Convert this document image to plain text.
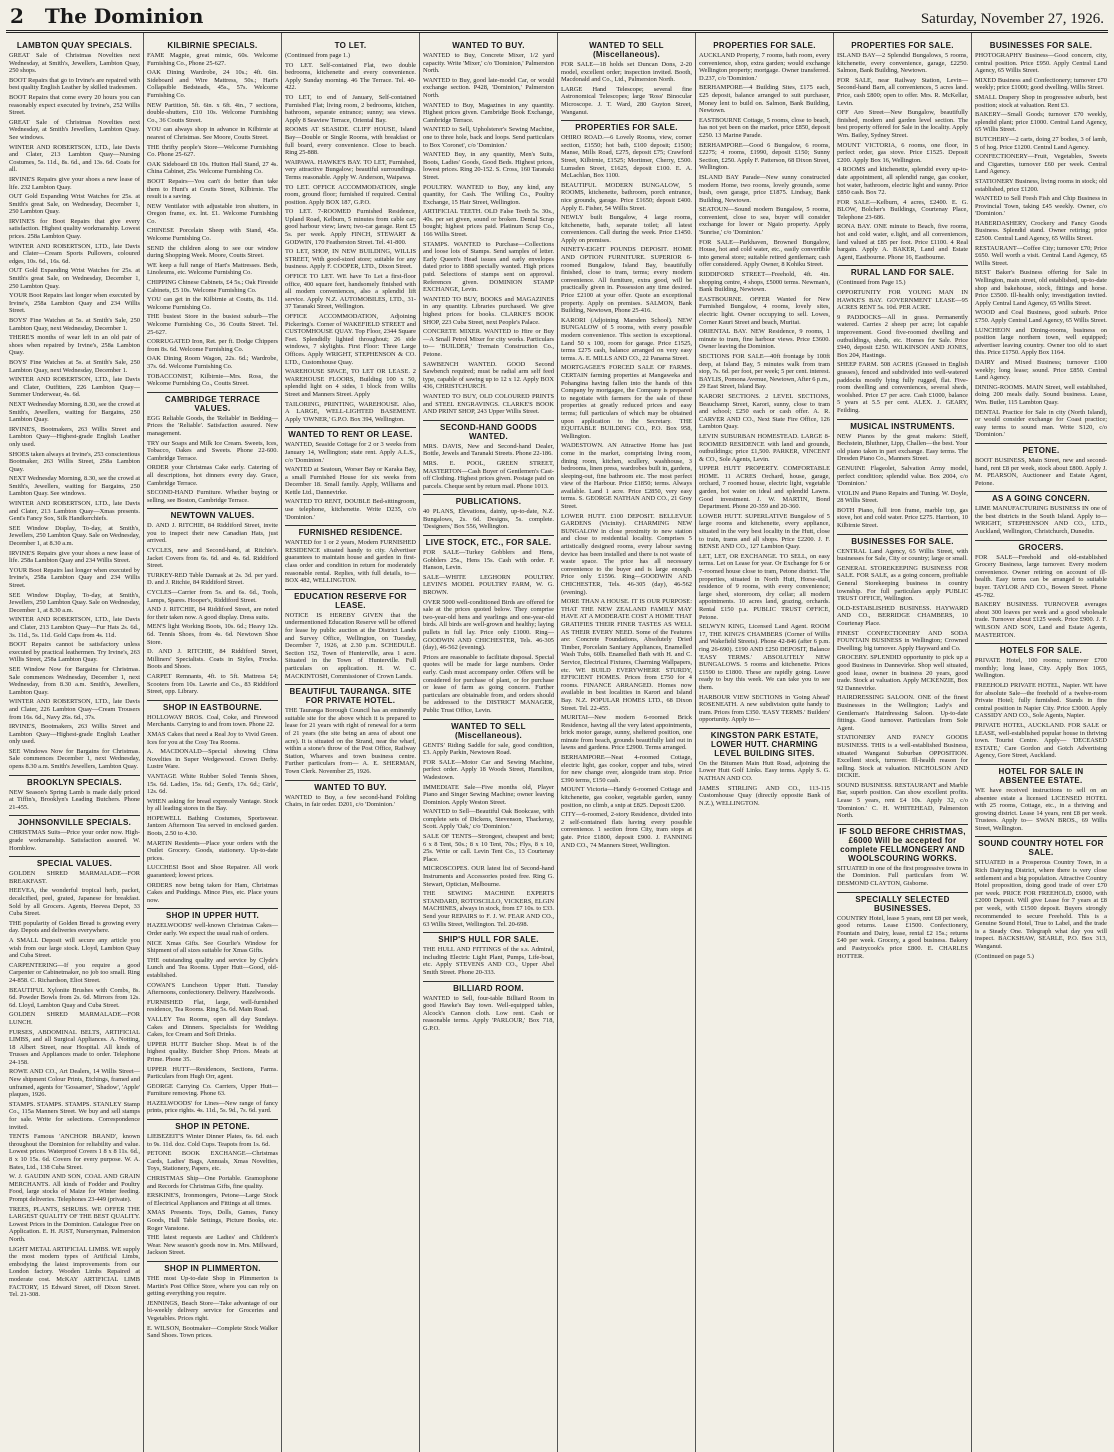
2 The Dominion	Saturday, November 27, 1926.
LAMBTON QUAY SPECIALS.

GREAT Sale of Christmas Novelties next Wednesday, at Smith's, Jewellers, Lambton Quay, 250 shops.

BOOT Repairs that go to Irvine's are repaired with best quality English Leather by skilled tradesmen.

BOOT Repairs that come every 20 hours you can reasonably expect executed by Irvine's, 252 Willis Street.

GREAT Sale of Christmas Novelties next Wednesday, at Smith's Jewellers, Lambton Quay. See windows.

WINTER AND ROBERTSON, LTD., late Davis and Clater, 213 Lambton Quay—Nursing Costumes, 5s. 11d., 8s. 6d., and 13s. 6d. Coats for all.

IRVINE'S Repairs give your shoes a new lease of life. 232 Lambton Quay.

OUT Gold Expanding Wrist Watches for 25s. at Smith's great Sale, on Wednesday, December 1, 250 Lambton Quay.

IRVINE'S for Boot Repairs that give every satisfaction. Highest quality workmanship. Lowest prices. 258a Lambton Quay.

WINTER AND ROBERTSON, LTD., late Davis and Clater—Cream Sports Pullovers, coloured edges, 10s. 6d., 16s. 6d.

OUT Gold Expanding Wrist Watches for 25s. at Smith's great Sale, on Wednesday, December 1, 250 Lambton Quay.

YOUR Boot Repairs last longer when executed by Irvine's, 258a Lambton Quay and 234 Willis Street.

BOYS' Fine Watches at 5s. at Smith's Sale, 250 Lambton Quay, next Wednesday, December 1.

THERE'S months of wear left in an old pair of shoes when repaired by Irvine's, 258a Lambton Quay.

BOYS' Fine Watches at 5s. at Smith's Sale, 250 Lambton Quay, next Wednesday, December 1.

WINTER AND ROBERTSON, LTD., late Davis and Clater, Outfitters, 226 Lambton Quay—Summer Underwear, 4s. 6d.

NEXT Wednesday Morning, 8.30, see the crowd at Smith's, Jewellers, waiting for Bargains, 250 Lambton Quay.

IRVINE'S, Bootmakers, 263 Willis Street and Lambton Quay—Highest-grade English Leather only used.

SHOES taken always at Irvine's, 253 conscientious Bootmaker, 263 Willis Street, 258a Lambton Quay.

NEXT Wednesday Morning, 8.30, see the crowd at Smith's, Jewellers, waiting for Bargains, 250 Lambton Quay. See windows.

WINTER AND ROBERTSON, LTD., late Davis and Clater, 213 Lambton Quay—Xmas presents. Gent's Fancy Sox, Silk Handkerchiefs.

SEE Window Display, To-day, at Smith's, Jewellers, 250 Lambton Quay. Sale on Wednesday, December 1, at 8.30 a.m.

IRVINE'S Repairs give your shoes a new lease of life. 258a Lambton Quay and 234 Willis Street.

YOUR Boot Repairs last longer when executed by Irvine's, 258a Lambton Quay and 234 Willis Street.

SEE Window Display, To-day, at Smith's, Jewellers, 250 Lambton Quay. Sale on Wednesday, December 1, at 8.30 a.m.

WINTER AND ROBERTSON, LTD., late Davis and Clater, 213 Lambton Quay—Fur Hats 2s. 6d., 3s. 11d., 5s. 11d. Gold Caps from 4s. 11d.

BOOT Repairs cannot be satisfactory unless executed by practical leathermen. Try Irvine's, 263 Willis Street, 258a Lambton Quay.

SEE Window Now for Bargains for Christmas. Sale commences Wednesday, December 1, next Wednesday, from 8.30 a.m. Smith's, Jewellers, Lambton Quay.

WINTER AND ROBERTSON, LTD., late Davis and Clater, 226 Lambton Quay—Cream Trousers from 16s. 6d., Navy 26s. 6d., 37s.

IRVINE'S, Bootmakers, 263 Willis Street and Lambton Quay—Highest-grade English Leather only used.

SEE Windows Now for Bargains for Christmas. Sale commences December 1, next Wednesday, opens 8.30 a.m. Smith's Jewellers, Lambton Quay.

BROOKLYN SPECIALS.

NEW Season's Spring Lamb is made daily priced at Tiffin's, Brooklyn's Leading Butchers. Phone 21-455.

JOHNSONVILLE SPECIALS.

CHRISTMAS Suits—Price your order now. High-grade workmanship. Satisfaction assured. W. Hornblow.

SPECIAL VALUES.

GOLDEN SHRED MARMALADE—FOR BREAKFAST.

HEEVEA, the wonderful tropical herb, packet, decalcified, peel, grated, Japanese for breakfast. Sold by all Grocers. Agents, Heevea Depot, 33 Cuba Street.

THE popularity of Golden Bread is growing every day. Depots and deliveries everywhere.

A SMALL Deposit will secure any article you wish from our large stock. Lloyd, Lambton Quay and Cuba Street.

CARPENTERING—If you require a good Carpenter or Cabinetmaker, no job too small. Ring 24-858. C. Richardson, Eliot Street.

BEAUTIFUL Xylonite Brushes with Combs, 8s. 6d. Powder Bowls from 2s. 6d. Mirrors from 12s. 6d. Lloyd, Lambton Quay and Cuba Street.

GOLDEN SHRED MARMALADE—FOR LUNCH.

FURSES, ABDOMINAL BELTS, ARTIFICIAL LIMBS, and all Surgical Appliances. A. Notting, 18 Albert Street, near Hospital. All kinds of Trusses and Appliances made to order. Telephone 24-158.

ROWE AND CO., Art Dealers, 14 Willis Street—New shipment Colour Prints, Etchings, framed and unframed, agents for 'Gossamer', 'Shadow', 'Apple' plaques, 1926.

STAMPS. STAMPS. STAMPS. STANLEY Stamp Co., 115a Manners Street. We buy and sell stamps for sale. Write for selections. Correspondence invited.

TENTS Famous 'ANCHOR BRAND', known throughout the Dominion for reliability and value. Lowest prices. Waterproof Covers 1 8 x 8 11s. 6d., 8 x 10 15s. 6d. Covers for every purpose. W. A. Bates, Ltd., 138 Cuba Street.

W. J. GAUDIN AND SON, COAL AND GRAIN MERCHANTS. All kinds of Fodder and Poultry Food, large stocks of Maize for Winter feeding. Prompt deliveries. Telephones 23-449 (private).

TREES, PLANTS, SHRUBS. WE OFFER THE LARGEST QUALITY OF THE BEST QUALITY. Lowest Prices in the Dominion. Catalogue Free on Application. E. H. JUST, Nurseryman, Palmerston North.

LIGHT METAL ARTIFICIAL LIMBS. WE supply the most modern types of Artificial Limbs, embodying the latest improvements from our London factory. Wooden Limbs Repaired at moderate cost. McKAY ARTIFICIAL LIMB FACTORY, 15 Edward Street, off Dixon Street. Tel. 21-308.

KILBIRNIE SPECIALS.

FAME Magpie, great mimic, 60s. Welcome Furnishing Co., Phone 25-627.

OAK Dining Wardrobe, 24 10s.; 4ft. 6in. Sideboard and Wire Mattress, 50s.; Hart's Collapsible Bedsteads, 45s., 57s. Welcome Furnishing Co.

NEW Partition, 5ft. 6in. x 6ft. 4in., 7 sections, double-shutters, £10 10s. Welcome Furnishing Co., 36 Coutts Street.

YOU can always shop in advance in Kilbirnie at nearest of Christmas. See Moore, Coutts Street.

THE thrifty people's Store—Welcome Furnishing Co. Phone 25-627.

OAK Sideboard £8 10s. Hutton Hall Stand, 27 4s. China Cabinet, 25s. Welcome Furnishing Co.

BOOT Repairs—You can't do better than take them to Hunt's at Coutts Street, Kilbirnie. The result is a saving.

NEW Ventilator with adjustable iron shutters, in Oregon frame, ex. lnt. £1. Welcome Furnishing Co.

CHINESE Porcelain Sheep with Stand, 45s. Welcome Furnishing Co.

SEND the children along to see our window during Shopping Week. Moore, Coutts Street.

WE keep a full range of Hart's Mattresses. Beds, Linoleums, etc. Welcome Furnishing Co.

CHIPPING Chinese Cabinets, £4 5s.; Oak Fireside Cabinets, £5 10s. Welcome Furnishing Co.

YOU can get in the Kilbirnie at Coutts, 8s. 11d. Welcome Furnishing Co.

THE busiest Store in the busiest suburb—The Welcome Furnishing Co., 36 Coutts Street. Tel. 25-627.

CORRUGATED Iron, Ret. per ft. Dodge Chippers from 8s. 6d. Welcome Furnishing Co.

OAK Dining Room Wagon, 22s. 6d.; Wardrobe, 37s. 6d. Welcome Furnishing Co.

TOBACCONIST, Kilbirnie—Mrs. Ross, the Welcome Furnishing Co., Coutts Street.

CAMBRIDGE TERRACE VALUES.

EGG Reliable Goods, the 'Reliable' in Bedding—Prices the 'Reliable'. Satisfaction assured. New management.

TRY our Soaps and Milk Ice Cream. Sweets, Ices, Tobacco, Oakes and Sweets. Phone 22-600. Cambridge Terrace.

ORDER your Christmas Cake early. Catering of all descriptions, hot dinners every day. Grace, Cambridge Terrace.

SECOND-HAND Furniture. Whether buying or selling, see Boston, Cambridge Terrace.

NEWTOWN VALUES.

D. AND J. RITCHIE, 84 Riddiford Street, invite you to inspect their new Canadian Hats, just arrived.

CYCLES, new and Second-hand, at Ritchie's. Jacket Covers from 6s. 6d. and 4s. 6d. Riddiford Street.

TURKEY-RED Table Damask at 2s. 3d. per yard. D. and J. Ritchie, 84 Riddiford Street.

CYCLES—Carrier from 5s. and 6s. 6d., Tools, Lamps, Spares. Hooper's, Riddiford Street.

AND J. RITCHIE, 84 Riddiford Street, are noted for their taken now. A good display. Dress suits.

MEN'S light Working Boots, 10s. 6d.; Heavy 12s. 6d. Tennis Shoes, from 4s. 6d. Newtown Shoe Store.

D. AND J. RITCHIE, 84 Riddiford Street, Milliners' Specialists. Coats in Styles, Frocks. Boots and Shoes.

CARPET Remnants, 4ft. to 5ft. Mattress £4; Scooters from 10s. Lawrie and Co., 83 Riddiford Street, opp. Library.

SHOP IN EASTBOURNE.

HOLLOWAY BROS. Coal, Coke, and Firewood Merchants. Carrying to and from town. Phone 22.

XMAS Cakes that need a Real Joy to Vivid Green. Ices for you at the Cosy Tea Rooms.

A. MACDONALD—Special showing China Novelties in Super Wedgewood. Crown Derby. Lustre Ware.

VANTAGE White Rubber Soled Tennis Shoes, 15s. 6d. Ladies, 15s. 6d.; Gent's, 17s. 6d.; Girls', 12s. 6d.

WHEN asking for bread expressly Vantage. Stock by all leading stores in the Bay.

HOPEWELL Bathing Costumes, Sportswear. Jantzen Afternoon Tea served in enclosed garden. Boots, 2.50 to 4.30.

MARTIN Residents—Place your orders with the Outlet Grocery. Goods, stationery. Up-to-date prices.

LUCCHESI Boot and Shoe Repairer. All work guaranteed; lowest prices.

ORDERS now being taken for Ham, Christmas Cakes and Puddings. Mince Pies, etc. Place yours now.

SHOP IN UPPER HUTT.

HAZELWOODS' well-known Christmas Cakes—Order early. We expect the usual rush of orders.

NICE Xmas Gifts. See Gourlie's Window for Shipment of all sizes suitable for Xmas Gifts.

THE outstanding quality and service by Clyde's Lunch and Tea Rooms. Upper Hutt—Good, old-established.

COWAN'S Luncheon Upper Hutt. Tuesday Afternoons, confectionery. Delivery. Hazelwoods.

FURNISHED Flat, large, well-furnished residence, Tea Rooms. Ring 5s. 6d. Main Road.

YALLEY Tea Rooms, open all day Sundays. Cakes and Dinners. Specialists for Wedding Cakes, Ice Cream and Soft Drinks.

UPPER HUTT Butcher Shop. Meat is of the highest quality. Butcher Shop Prices. Meats at Prime. Phone 35.

UPPER HUTT—Residences, Sections, Farms. Particulars from Hugh Orr, agent.

GEORGE Carrying Co. Carriers, Upper Hutt—Furniture removing. Phone 63.

HAZELWOODS' for Lines—New range of fancy prints, price rights. 4s. 11d., 5s. 9d., 7s. 6d. yard.

SHOP IN PETONE.

LIEBEZEIT'S Winter Dinner Plates, 6s. 6d. each to 9s. 11d. doz. Cold Cups. Teapots from 1s. 6d.

PETONE BOOK EXCHANGE—Christmas Cards, Ladies' Bags, Annuals, Xmas Novelties, Toys, Stationery, Papers, etc.

CHRISTMAS Ship—One Portable. Gramophone and Records for Christmas Gifts, fine quality.

ERSKINE'S, Ironmongers, Petone—Large Stock of Electrical Appliances and Fittings at all times.

XMAS Presents. Toys, Dolls, Games, Fancy Goods, Hall Table Settings, Picture Books, etc. Roger Vanstone.

THE latest requests are Ladies' and Children's Wear. New season's goods now in. Mrs. Millward, Jackson Street.

SHOP IN PLIMMERTON.

THE most Up-to-date Shop in Plimmerton is Martin's Post Office Store, where you can rely on getting everything you require.

JENNINGS, Beach Store—Take advantage of our bi-weekly delivery service for Groceries and Vegetables. Prices right.

E. WILSON, Bootmaker—Complete Stock Walker Sand Shoes. Town prices.

TO LET.

(Continued from page 1.)

TO LET. Self-contained Flat, two double bedrooms, kitchenette and every convenience. Apply Sunday morning. 46 The Terrace. Tel. 40-422.

TO LET, to end of January, Self-contained Furnished Flat; living room, 2 bedrooms, kitchen, bathroom, separate entrance; sunny; sea views. Apply 8 Seaview Terrace, Oriental Bay.

ROOMS AT SEASIDE. CLIFF HOUSE, Island Bay—Double or Single Rooms, with breakfast or full board, every convenience. Close to beach. Ring 25-888.

WAIPAWA. HAWKE'S BAY. TO LET, Furnished, very attractive Bungalow; beautiful surroundings. Terms reasonable. Apply W. Anderson, Waipawa.

TO LET. OFFICE ACCOMMODATION, single room, ground floor; furnished if required. Central position. Apply BOX 187, G.P.O.

TO LET. 7-ROOMED Furnished Residence, Upland Road, Kelburn, 5 minutes from cable car; good harbour view; lawn; two-car garage. Rent £5 5s. per week. Apply FINCH, STEWART & GODWIN, 170 Featherston Street. Tel. 41-800.

TO LET, SHOP, IN NEW BUILDING, WILLIS STREET, With good-sized store; suitable for any business. Apply F. COOPER, LTD., Dixon Street.

OFFICE TO LET. WE have To Let a first-floor office, 400 square feet, handsomely finished with all modern conveniences, also a splendid lift service. Apply N.Z. AUTOMOBILES, LTD., 31-37 Taranaki Street, Wellington.

OFFICE ACCOMMODATION, Adjoining Pickering's. Corner of WAKEFIELD STREET and CUSTOMHOUSE QUAY. Top Floor, 2344 Square Feet. Splendidly lighted throughout; 26 side windows, 7 skylights. First Floor: Three Large Offices. Apply WRIGHT, STEPHENSON & CO. LTD., Customhouse Quay.

WAREHOUSE SPACE, TO LET OR LEASE. 2 WAREHOUSE FLOORS, Building 100 x 50, splendid light on 4 sides, 1 block from Willis Street and Manners Street. Apply

TAILORING, PRINTING, WAREHOUSE. Also, A LARGE, WELL-LIGHTED BASEMENT. Apply 'OWNER,' G.P.O. Box 394, Wellington.

WANTED TO RENT OR LEASE.

WANTED, Seaside Cottage for 2 or 3 weeks from January 14, Wellington; state rent. Apply A.L.S., c/o 'Dominion.'

WANTED at Seatoun, Worser Bay or Karaka Bay, a small Furnished House for six weeks from December 18. Small family. Apply, Williams and Kettle Ltd., Dannevirke.

WANTED TO RENT, DOUBLE Bed-sittingroom, use telephone, kitchenette. Write D235, c/o 'Dominion.'

FURNISHED RESIDENCE.

WANTED for 1 or 2 years, Modern FURNISHED RESIDENCE situated handy to city. Advertiser guarantees to maintain house and garden in first-class order and condition in return for moderately reasonable rental. Replies, with full details, to— BOX 482, WELLINGTON.

EDUCATION RESERVE FOR LEASE.

NOTICE IS HEREBY GIVEN that the undermentioned Education Reserve will be offered for lease by public auction at the District Lands and Survey Office, Wellington, on Tuesday, December 7, 1926, at 2.30 p.m. SCHEDULE. Section 152, Town of Hunterville, area 1 acre. Situated in the Town of Hunterville. Full particulars on application. H. W. C. MACKINTOSH, Commissioner of Crown Lands.

BEAUTIFUL TAURANGA. SITE FOR PRIVATE HOTEL.

THE Tauranga Borough Council has an eminently suitable site for the above which it is prepared to lease for 21 years with right of renewal for a term of 21 years (the site being an area of about one acre). It is situated on the Strand, near the wharf, within a stone's throw of the Post Office, Railway Station, Wharves and town business centre. Further particulars from— A. E. SHERMAN, Town Clerk. November 25, 1926.

WANTED TO BUY.

WANTED to Buy, a few second-hand Folding Chairs, in fair order. D201, c/o 'Dominion.'

WANTED TO BUY.

WANTED to Buy, Concrete Mixer, 1/2 yard capacity. Write 'Mixer,' c/o 'Dominion,' Palmerston North.

WANTED to Buy, good late-model Car, or would exchange section. P428, 'Dominion,' Palmerston North.

WANTED to Buy, Magazines in any quantity. Highest prices given. Cambridge Book Exchange, Cambridge Terrace.

WANTED to Sell, Upholsterer's Sewing Machine, one to three hole, back and loops. Send particulars to Box 'Coronet', c/o 'Dominion.'

WANTED Buy, in any quantity, Men's Suits, Boots, Ladies' Goods, Good Beds. Highest prices, lowest prices. Ring 20-152. S. Cross, 160 Taranaki Street.

POULTRY. WANTED to Buy, any kind, any quantity, for Cash. The Willing Co., Poultry Exchange, 15 Hair Street, Wellington.

ARTIFICIAL TEETH. OLD False Teeth 5s. 30s., 40s. per set given, sound or broken. Dental Scrap bought; highest prices paid. Platinum Scrap Co., 166 Willis Street.

STAMPS. WANTED to Purchase—Collections and loose lots of Stamps. Send samples of letter. Early Queen's Head issues and early envelopes dated prior to 1888 specially wanted. High prices paid. Selections of stamps sent on approval. References given. DOMINION STAMP EXCHANGE, Levin.

WANTED TO BUY, BOOKS and MAGAZINES in any quantity. Libraries purchased. We give highest prices for books. CLARKE'S BOOK SHOP, 223 Cuba Street, next People's Palace.

CONCRETE MIXER. WANTED to Hire or Buy—A Small Petrol Mixer for city works. Particulars to— 'BUILDER,' Tremain Construction Co., Petone.

SAWBENCH WANTED. GOOD Second Sawbench required; must be radial arm self feed type, capable of sawing up to 12 x 12. Apply BOX 436, CHRISTCHURCH.

WANTED TO BUY, OLD COLOURED PRINTS and STEEL ENGRAVINGS. CLARKE'S BOOK AND PRINT SHOP, 243 Upper Willis Street.

SECOND-HAND GOODS WANTED.

MRS. DAVIS, New and Second-hand Dealer, Bottle, Jewels and Taranaki Streets. Phone 22-186.

MRS. E. POOL, GREEN STREET, MASTERTON—Cash Buyer of Gentlemen's Cast-off Clothing. Highest prices given. Postage paid on parcels. Cheque sent by return mail. Phone 1013.

PUBLICATIONS.

40 PLANS, Elevations, dainty, up-to-date, N.Z. Bungalows, 2s. 6d. Designs, 5s. complete. 'Designers,' Box 556, Wellington.

LIVE STOCK, ETC., FOR SALE.

FOR SALE—Turkey Gobblers and Hens, Gobblers 25s., Hens 15s. Cash with order. F. Hanson, Levin.

SALE—WHITE LEGHORN POULTRY. LEVIN'S MODEL POULTRY FARM, W. G. BROWN.

OVER 5000 well-conditioned Birds are offered for sale at the prices quoted below. They comprise two-year-old hens and yearlings and one-year-old birds. All birds are well-grown and healthy; laying pullets in full lay. Price only £1000. Ring—GOODWIN AND CHICHESTER, Tels. 46-305 (day), 46-562 (evening).

Prices are reasonable to facilitate disposal. Special quotes will be made for large numbers. Order early. Cash must accompany order. Offers will be considered for purchase of plant, or for purchase or lease of farm as going concern. Further particulars are obtainable from, and orders should be addressed to the DISTRICT MANAGER, Public Trust Office, Levin.

WANTED TO SELL (Miscellaneous).

GENTS' Riding Saddle for sale, good condition, £3. Apply Parkin, Newtown Road.

FOR SALE—Motor Car and Sewing Machine, perfect order. Apply 18 Woods Street, Hamilton, Wadestown.

IMMEDIATE Sale—Five months old, Player Piano and Singer Sewing Machine; owner leaving Dominion. Apply Weston Street.

WANTED to Sell—Beautiful Oak Bookcase, with complete sets of Dickens, Stevenson, Thackeray, Scott. Apply 'Oak,' c/o 'Dominion.'

SALE OF TENTS—Strongest, cheapest and best; 6 x 8 Tent, 50s.; 8 x 10 Tent, 70s.; Flys, 8 x 10, 25s. Write or call. Levin Tent Co., 13 Courtenay Place.

MICROSCOPES. OUR latest list of Second-hand Instruments and Accessories posted free. Ring G. Stewart, Optician, Melbourne.

THE SEWING MACHINE EXPERTS STANDARD, ROTOSCILLO, VICKERS, ELGIN MACHINES, always in stock, from £7 10s. to £33. Send your REPAIRS to F. J. W. FEAR AND CO., 63 Willis Street, Wellington. Tel. 20-698.

SHIP'S HULL FOR SALE.

THE HULL AND FITTINGS of the s.s. Admiral, including Electric Light Plant, Pumps, Life-boat, etc. Apply STEVENS AND CO., Upper Abel Smith Street. Phone 20-333.

BILLIARD ROOM.

WANTED to Sell, four-table Billiard Room in good Hawke's Bay town. Well-equipped tables, Alcock's Cannon cloth. Low rent. Cash or reasonable terms. Apply 'PARLOUR,' Box 718, G.P.O.

WANTED TO SELL (Miscellaneous).

FOR SALE—18 holds set Duncan Dons, 2-20 model, excellent order; inspection invited. Booth, Macdonald and Co., Ltd., Palmerston North.

LARGE Hand Telescope; several fine Astronomical Telescopes; large 'Ross' Binocular Microscope. J. T. Ward, 280 Guyton Street, Wanganui.

PROPERTIES FOR SALE.

OHIRO ROAD.—6 Lovely Rooms, view, corner section, £1550; hot bath, £100 deposit; £1500; Manse, Mills Road, £275, deposit £75; Crawford Street, Kilbirnie, £1525; Mortimer, Cherry, £500. Lumsden Street, £1625, deposit £100. E. A. McLachlan, Box 1100.

BEAUTIFUL MODERN BUNGALOW, 5 ROOMS, kitchenette, bathroom, porch entrance, nice grounds, garage. Price £1650; deposit £400. Apply E. Fisher, 54 Willis Street.

NEWLY built Bungalow, 4 large rooms, kitchenette, bath, separate toilet; all latest conveniences. Call during the week. Price £1450. Apply on premises.

NINETY-EIGHT POUNDS DEPOSIT. HOME AND OPTION FURNITURE. SUPERIOR 6-roomed Bungalow, Island Bay, beautifully finished, close to tram, terms; every modern convenience. All furniture, extra good, will be practically given in. Possession any time desired. Price £2100 at your offer. Quote an exceptional property. Apply on premises. SALMON, Bank Building, Newtown, Phone 25-416.

KARORI (Adjoining Marsden School). NEW BUNGALOW of 5 rooms, with every possible modern convenience. This section is exceptional. Land 50 x 100, room for garage. Price £1525, terms £275 cash, balance arranged on very easy terms. A. E. MILLS AND CO., 22 Panama Street.

MORTGAGEE'S FORCED SALE OF FARMS. CERTAIN farming properties at Mangaweka and Pohangina having fallen into the hands of this Company by mortgagee, the Company is prepared to negotiate with farmers for the sale of these properties at greatly reduced prices and easy terms; full particulars of which may be obtained upon application to the Secretary. THE EQUITABLE BUILDING CO., P.O. Box 958, Wellington.

WADESTOWN. AN Attractive Home has just come in the market, comprising living room, dining room, kitchen, scullery, washhouse, 3 bedrooms, linen press, wardrobes built in, gardens, sleeping-out, fine bathroom etc. The most perfect view of the Harbour. Price £1850; terms. Always available. Land 1 acre. Price £2850, very easy terms. S. GEORGE NATHAN AND CO., 21 Grey Street.

LOWER HUTT. £100 DEPOSIT. BELLEVUE GARDENS (Vicinity). CHARMING NEW BUNGALOW in close proximity to new station and close to residential locality. Comprises 5 artistically designed rooms, every labour saving device has been installed and there is not waste of waste space. The price has all necessary convenience to the buyer and is large enough. Price only £1596. Ring—GOODWIN AND CHICHESTER, Tels. 46-305 (day), 46-562 (evening).

MORE THAN A HOUSE. IT IS OUR PURPOSE: THAT THE NEW ZEALAND FAMILY MAY HAVE AT A MODERATE COST A HOME THAT GRATIFIES THEIR FINER TASTES AS WELL AS THEIR EVERY NEED. Some of the Features are: Concrete Foundations, Absolutely Dried Timber, Porcelain Sanitary Appliances, Enamelled Wash Tubs, 60lb. Enamelled Bath with H. and C. Service, Electrical Fixtures, Charming Wallpapers, etc. WE BUILD EVERYWHERE STURDY, EFFICIENT HOMES. Prices from £750 for 4 rooms. FINANCE ARRANGED. Homes now available in best localities in Karori and Island Bay. N.Z. POPULAR HOMES LTD., 68 Dixon Street. Tel. 22-455.

MURITAI—New modern 6-roomed Brick Residence, having all the very latest appointments, brick motor garage, sunny, sheltered position, one minute from beach, grounds beautifully laid out in lawns and gardens. Price £2900. Terms arranged.

BERHAMPORE—Neat 4-roomed Cottage, electric light, gas cooker, copper and tubs, wired for new change over, alongside tram stop. Price £390 terms, £150 cash.

MOUNT Victoria—Handy 6-roomed Cottage and kitchenette, gas cooker, vegetable garden, sunny position, no climb, a snip at £825. Deposit £200.

CITY—6-roomed, 2-story Residence, divided into 2 self-contained flats having every possible convenience. 1 section from City, tram stops at gate. Price £1800, deposit £900. J. FANNING AND CO., 74 Manners Street, Wellington.

PROPERTIES FOR SALE.

AUCKLAND Property, 7 rooms, bath room, every convenience, shop, extra garden; would exchange Wellington property; mortgage. Owner transferred. D.237, c/o 'Dominion.'

BERHAMPORE—4 Building Sites, £175 each, £25 deposit, balance arranged to suit purchaser, Money lent to build on. Salmon, Bank Building, Newtown.

EASTBOURNE Cottage, 5 rooms, close to beach, has not yet been on the market, price £850, deposit £250. 13 Marine Parade.

BERHAMPORE—Good 6 Bungalow, 6 rooms, £2275; 4 rooms, £1990, deposit £150; Sunny Section, £250. Apply F. Patterson, 68 Dixon Street, Wellington.

ISLAND BAY Parade—New sunny constructed modern Home, two rooms, lovely grounds, some bush, own garage, price £1875. Lindsay, Bank Building, Newtown.

SEATOUN—Sound modern Bungalow, 5 rooms, convenient, close to sea, buyer will consider exchange for lower or Ngaio property. Apply 'Sunrise,' c/o 'Dominion.'

FOR SALE—Parkhaven, Browned Bungalow, House, hot and cold water, etc., easily convertible into general store; suitable retired gentleman; cash offer considered. Apply Owner, 8 Kohiku Street.

RIDDIFORD STREET—Freehold, 4ft. 4in. shopping centre, 4 shops, £5000 terms. Newman's, Bank Building, Newtown.

EASTBOURNE. OFFER Wanted for New Furnished Bungalow, 4 rooms, lovely sites, electric light. Owner occupying to sell. Lowes, Corner Kauri Street and beach, Muritai.

ORIENTAL BAY. NEW Residence, 9 rooms, 1 minute to tram, fine harbour views. Price £3600. Owner leaving the Dominion.

SECTIONS FOR SALE—40ft frontage by 100ft deep, at Island Bay, 5 minutes walk from tram stop, 7s. 6d. per foot, per week; 5 per cent. interest. BAYLIS, Pomona Avenue, Newtown, After 6 p.m., 29 East Street, Island Bay.

KARORI SECTIONS. 2 LEVEL SECTIONS, Beauchamp Street, Karori, sunny, close to tram and school; £250 each or cash offer. A. R. CARVER AND CO., Next State Fire Office, 126 Lambton Quay.

LEVIN SUBURBAN HOMESTEAD. LARGE 8-ROOMED RESIDENCE with land and grounds, outbuildings; price £1,500. PARKER, VINCENT & CO., Sole Agents, Levin.

UPPER HUTT PROPERTY. COMFORTABLE HOME. 11 ACRES Orchard, house, garage, orchard, 7 roomed house, electric light, vegetable garden, hot water on ideal and splendid Lawns. Good investment. J. W. MARTIN, Bond Department. Phone 20-359 and 20-360.

LOWER HUTT. SUPERLATIVE Bungalow of 5 large rooms and kitchenette, every appliance, situated in the very best locality in the Hutt, close to train, trams and all shops. Price £2200. J. F. BENSE AND CO., 127 Lambton Quay.

LET, LET, OR EXCHANGE. TO SELL, on easy terms. Let on Lease for year. Or Exchange for 6 or 7-roomed house close to tram, Petone district. The properties, situated in North Hutt, Horse-stall, residence of 9 rooms, with every convenience; large shed, storeroom, dry cellar; all modern appointments. 10 acres land, grazing, orchards. Rental £150 p.a. PUBLIC TRUST OFFICE, Petone.

SELWYN KING, Licensed Land Agent. ROOM 17, THE KING'S CHAMBERS (Corner of Willis and Wakefield Streets). Phone 42-846 (after 6 p.m. ring 26-690). £190 AND £250 DEPOSIT, Balance 'EASY TERMS.' ABSOLUTELY NEW BUNGALOWS. 5 rooms and kitchenette. Prices £1590 to £1800. These are rapidly going. Leave ready to buy this week. We can take you to see them.

HARBOUR VIEW SECTIONS in 'Going Ahead' ROSENEATH. A new subdivision quite handy to tram. Prices from £350. 'EASY TERMS.' Builders' opportunity. Apply to—

KINGSTON PARK ESTATE, LOWER HUTT. CHARMING LEVEL BUILDING SITES.

On the Bitumen Main Hutt Road, adjoining the Lower Hutt Golf Links. Easy terms. Apply S. G. NATHAN AND CO.

JAMES STIRLING AND CO., 113-115 Customhouse Quay (directly opposite Bank of N.Z.), WELLINGTON.

PROPERTIES FOR SALE.

ISLAND BAY—2 Splendid Bungalows, 5 rooms, kitchenette, every convenience, garage, £2250. Salmon, Bank Building, Newtown.

FOR SALE, near Railway Station, Levin—Second-hand Barn, all conveniences, 5 acres land. Price, cash £800; open to offer. Mrs. R. McKellar, Levin.

OFF Aro Street—New Bungalow, beautifully finished, modern and garden level section. The best property offered for Sale in the locality. Apply Wm. Bailey, Sydney Street.

MOUNT VICTORIA, 6 rooms, one floor, in perfect order, gas stove. Price £1525. Deposit £200. Apply Box 16, Wellington.

4 ROOMS and kitchenette, splendid every up-to-date appointment, all splendid range, gas cooker, hot water, bathroom, electric light and sunny. Price £850 cash. Box 72.

FOR SALE—Kelburn, 4 acres, £2400. E. G. BLOW, Bolcher's Buildings, Courtenay Place, Telephone 23-686.

RONA BAY. ONE minute to Beach, five rooms, hot and cold water, e.light, and all conveniences, land valued at £85 per foot. Price £1100. 4 Real bargain. Apply A. BAKER, Land and Estate Agent, Eastbourne. Phone 16, Eastbourne.

RURAL LAND FOR SALE.

(Continued from Page 15.)

OPPORTUNITY FOR YOUNG MAN IN HAWKE'S BAY. GOVERNMENT LEASE—95 ACRES RENT 5s. 10d. PER ACRE.

9 PADDOCKS—All in grass. Permanently watered. Carries 2 sheep per acre; lot capable improvement. Good five-roomed dwelling and outbuildings, sheds, etc. Homes for Sale. Price £940, deposit £250. WILKINSON AND JONES, Box 204, Hastings.

SHEEP FARM. 508 ACRES (Grassed in English grasses), fenced and subdivided into well-watered paddocks mostly lying fully rugged, flat. Five-room dwelling and conveniences, several sheds, woolshed. Price £7 per acre. Cash £1000, balance 5 years at 5.5 per cent. ALEX. J. GEARY, Feilding.

MUSICAL INSTRUMENTS.

NEW Pianos by the great makers: Stieff, Bechstein, Bluthner, Lipp, Challen—the best. Your old piano taken in part exchange. Easy terms. The Dresden Piano Co., Manners Street.

GENUINE Flageolet, Salvation Army model, perfect condition; splendid value. Box 2004, c/o 'Dominion.'

VIOLIN and Piano Repairs and Tuning. W. Doyle, 28 Willis Street.

BOTH Piano, full iron frame, marble top, gas stove, hot and cold water. Price £275. Harrison, 10 Kilbirnie Street.

BUSINESSES FOR SALE.

CENTRAL Land Agency, 65 Willis Street, with businesses for Sale, City or country; large or small.

GENERAL STOREKEEPING BUSINESS FOR SALE. FOR SALE, as a going concern, profitable General Storekeeping business in country township. For full particulars apply PUBLIC TRUST OFFICE, Wellington.

OLD-ESTABLISHED BUSINESS. HAYWARD AND CO., BERRIDGE CHAMBERS, 10 Courtenay Place.

FINEST CONFECTIONERY AND SODA FOUNTAIN BUSINESS in Wellington; Crowned Dwelling; big turnover. Apply Hayward and Co.

GROCERY. SPLENDID opportunity to pick up a good Business in Dannevirke. Shop well situated, good lease, owner in business 20 years, good trade. Stock at valuation. Apply MCKENZIE, Box 92 Dannevirke.

HAIRDRESSING SALOON. ONE of the finest Businesses in the Wellington; Lady's and Gentleman's Hairdressing Saloon. Up-to-date fittings. Good turnover. Particulars from Sole Agent.

STATIONERY AND FANCY GOODS BUSINESS. THIS is a well-established Business, situated Wanganui Suburban OPPOSITION. Excellent stock, turnover. Ill-health reason for selling. Stock at valuation. NICHOLSON AND DICKIE.

SOUND BUSINESS. RESTAURANT and Marble Bar, superb position. Can show excellent profits. Lease 5 years, rent £4 10s. Apply 32, c/o 'Dominion.' C. H. WHITEHEAD, Palmerston North.

IF SOLD BEFORE CHRISTMAS, £6000 Will be accepted for complete FELLMONGERY AND WOOLSCOURING WORKS.

SITUATED in one of the first progressive towns in the Dominion. Full particulars from W. DESMOND CLAYTON, Gisborne.

SPECIALLY SELECTED BUSINESSES.

COUNTRY Hotel, lease 5 years, rent £8 per week, good returns. Lease £1500. Confectionery, Fountain and Dairy, lease, rental £2 15s.; returns £40 per week. Grocery, a good business. Bakery and Pastrycook's price £800. E. CHARLES HOTTER.

BUSINESSES FOR SALE.

PHOTOGRAPHY Business—Good concern, city, central position. Price £950. Apply Central Land Agency, 65 Willis Street.

MIXED Business and Confectionery; turnover £70 weekly; price £1000; good dwelling. Willis Street.

SMALL Drapery Shop in progressive suburb, best position; stock at valuation. Rent £3.

BAKERY—Small Goods; turnover £70 weekly, splendid plant; price £1000. Central Land Agency, 65 Willis Street.

BUTCHERY—2 carts, doing 27 bodies, 3 of lamb, 5 of hog. Price £1200. Central Land Agency.

CONFECTIONERY—Fruit, Vegetables, Sweets and Cigarettes, turnover £60 per week. Central Land Agency.

STATIONERY Business, living rooms in stock; old established, price £1200.

WANTED to Sell Fresh Fish and Chip Business in Provincial Town, taking £45 weekly. Owner, c/o 'Dominion.'

HABERDASHERY, Crockery and Fancy Goods Business. Splendid stand. Owner retiring; price £2500. Central Land Agency, 65 Willis Street.

RESTAURANT—Coffee City; turnover £70; Price £650. Well worth a visit. Central Land Agency, 65 Willis Street.

BEST Baker's Business offering for Sale in Wellington, main street, old established, up-to-date shop and bakehouse, stock, fittings and horse. Price £3500. Ill-health only; investigation invited. Apply Central Land Agency, 65 Willis Street.

WOOD and Coal Business, good suburb. Price £750. Apply Central Land Agency, 65 Willis Street.

LUNCHEON and Dining-rooms, business on position large northern town, well equipped; advertiser leaving country. Owner too old to start this. Price £1750. Apply Box 1164.

DAIRY and Mixed Business; turnover £100 weekly; long lease; sound. Price £850. Central Land Agency.

DINING-ROOMS. MAIN Street, well established, doing 200 meals daily. Sound business. Lease, Wm. Butler, 115 Lambton Quay.

DENTAL Practice for Sale in city (North Island), or would consider exchange for Coast practice; easy terms to sound man. Write S120, c/o 'Dominion.'

PETONE.

BOOT BUSINESS, Main Street, new and second-hand, rent £8 per week, stock about £800. Apply J. M. PEARSON, Auctioneer and Estate Agent, Petone.

AS A GOING CONCERN.

LIME MANUFACTURING BUSINESS IN one of the best districts in the South Island. Apply to— WRIGHT, STEPHENSON AND CO., LTD., Auckland, Wellington, Christchurch, Dunedin.

GROCERS.

FOR SALE—Freehold and old-established Grocery Business, large turnover. Every modern convenience. Owner retiring on account of ill-health. Easy terms can be arranged to suitable buyer. TAYLOR AND CO., Bowen Street. Phone 45-782.

BAKERY BUSINESS. TURNOVER averages about 300 loaves per week and a good wholesale trade. Turnover about £125 week. Price £900. J. F. WILSON AND SON, Land and Estate Agents, MASTERTON.

HOTELS FOR SALE.

PRIVATE Hotel, 100 rooms; turnover £700 monthly; long lease, City. Apply Box 1065, Wellington.

FREEHOLD PRIVATE HOTEL, Napier. WE have for absolute Sale—the freehold of a twelve-room Private Hotel; fully furnished. Stands in fine central position in Napier City. Price £3000. Apply CASSIDY AND CO., Sole Agents, Napier.

PRIVATE HOTEL, AUCKLAND. FOR SALE or LEASE, well-established popular house in thriving town. Tourist Centre. Apply— 'DECEASED ESTATE,' Care Gordon and Gotch Advertising Agency, Gore Street, Auckland.

HOTEL FOR SALE IN ABSENTEE ESTATE.

WE have received instructions to sell on an absentee estate a licensed LICENSED HOTEL with 25 rooms, Cottage, etc., in a thriving and growing district. Lease 14 years, rent £8 per week. Trustees. Apply to— SWAN BROS., 69 Willis Street, Wellington.

SOUND COUNTRY HOTEL FOR SALE.

SITUATED in a Prosperous Country Town, in a Rich Dairying District, where there is very close settlement and a big population. Attractive Country Hotel proposition, doing good trade of over £70 per week. PRICE FOR FREEHOLD, £6000, with £2000 Deposit. Will give Lease for 7 years at £8 per week, with £1500 deposit. Buyers strongly recommended to secure Freehold. This is a Genuine Sound Hotel, True to Label, and the trade is a Steady One. Telegraph what day you will inspect. BACKSHAW, SEARLE, P.O. Box 313, Wanganui.

(Continued on page 5.)
